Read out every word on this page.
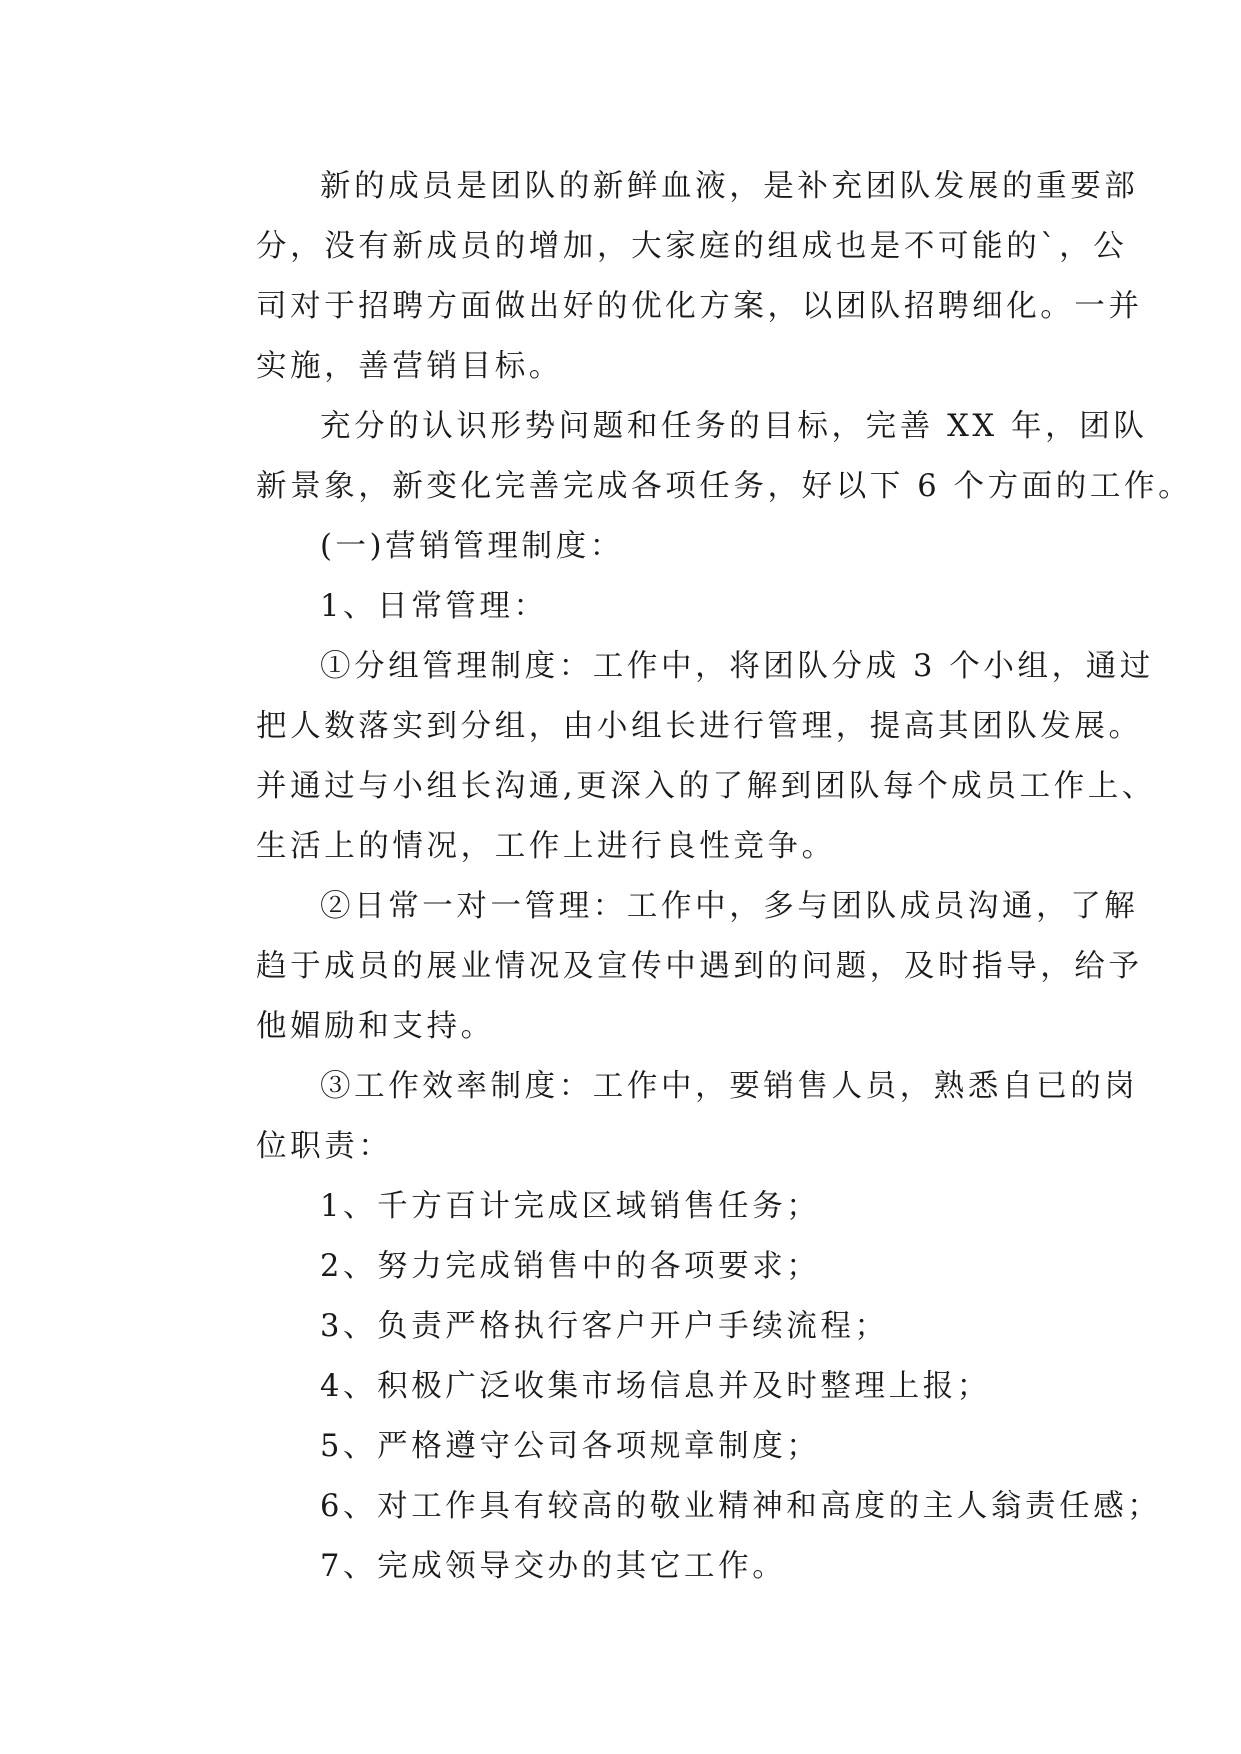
新的成员是团队的新鲜血液，是补充团队发展的重要部
分，没有新成员的增加，大家庭的组成也是不可能的`，公
司对于招聘方面做出好的优化方案，以团队招聘细化。一并
实施，善营销目标。

充分的认识形势问题和任务的目标，完善 XX 年，团队
新景象，新变化完善完成各项任务，好以下 6 个方面的工作。

(一)营销管理制度：

1、日常管理：

①分组管理制度：工作中，将团队分成 3 个小组，通过
把人数落实到分组，由小组长进行管理，提高其团队发展。
并通过与小组长沟通,更深入的了解到团队每个成员工作上、
生活上的情况，工作上进行良性竞争。

②日常一对一管理：工作中，多与团队成员沟通，了解
趋于成员的展业情况及宣传中遇到的问题，及时指导，给予
他媚励和支持。

③工作效率制度：工作中，要销售人员，熟悉自已的岗
位职责：

1、千方百计完成区域销售任务；

2、努力完成销售中的各项要求；

3、负责严格执行客户开户手续流程；

4、积极广泛收集市场信息并及时整理上报；

5、严格遵守公司各项规章制度；

6、对工作具有较高的敬业精神和高度的主人翁责任感；

7、完成领导交办的其它工作。
